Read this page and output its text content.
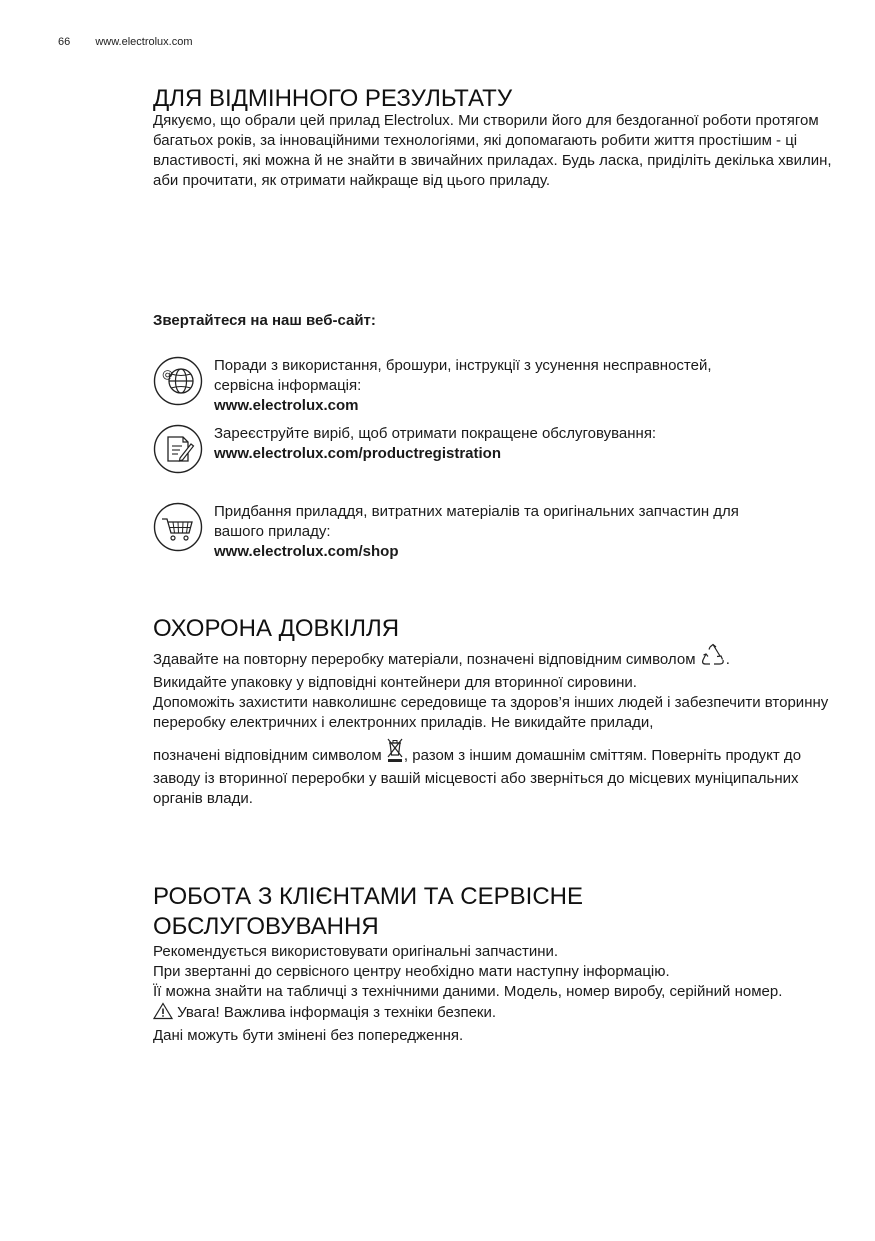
66 www.electrolux.com
ДЛЯ ВІДМІННОГО РЕЗУЛЬТАТУ

Дякуємо, що обрали цей прилад Electrolux. Ми створили його для бездоганної роботи протягом багатьох років, за інноваційними технологіями, які допомагають робити життя простішим - ці властивості, які можна й не знайти в звичайних приладах. Будь ласка, приділіть декілька хвилин, аби прочитати, як отримати найкраще від цього приладу.

Звертайтеся на наш веб-сайт:
@
Поради з використання, брошури, інструкції з усунення несправностей,
сервісна інформація:
www.electrolux.com
Зареєструйте виріб, щоб отримати покращене обслуговування:
www.electrolux.com/productregistration
Придбання приладдя, витратних матеріалів та оригінальних запчастин для
вашого приладу:
www.electrolux.com/shop
ОХОРОНА ДОВКІЛЛЯ

Здавайте на повторну переробку матеріали, позначені відповідним символом .

Викидайте упаковку у відповідні контейнери для вторинної сировини.

Допоможіть захистити навколишнє середовище та здоров’я інших людей і забезпечити вторинну переробку електричних і електронних приладів. Не викидайте прилади,

позначені відповідним символом , разом з іншим домашнім сміттям. Поверніть продукт до заводу із вторинної переробки у вашій місцевості або зверніться до місцевих муніципальних органів влади.

РОБОТА З КЛІЄНТАМИ ТА СЕРВІСНЕ
ОБСЛУГОВУВАННЯ

Рекомендується використовувати оригінальні запчастини.

При звертанні до сервісного центру необхідно мати наступну інформацію.

Її можна знайти на табличці з технічними даними. Модель, номер виробу, серійний номер.

Увага! Важлива інформація з техніки безпеки.

Дані можуть бути змінені без попередження.
